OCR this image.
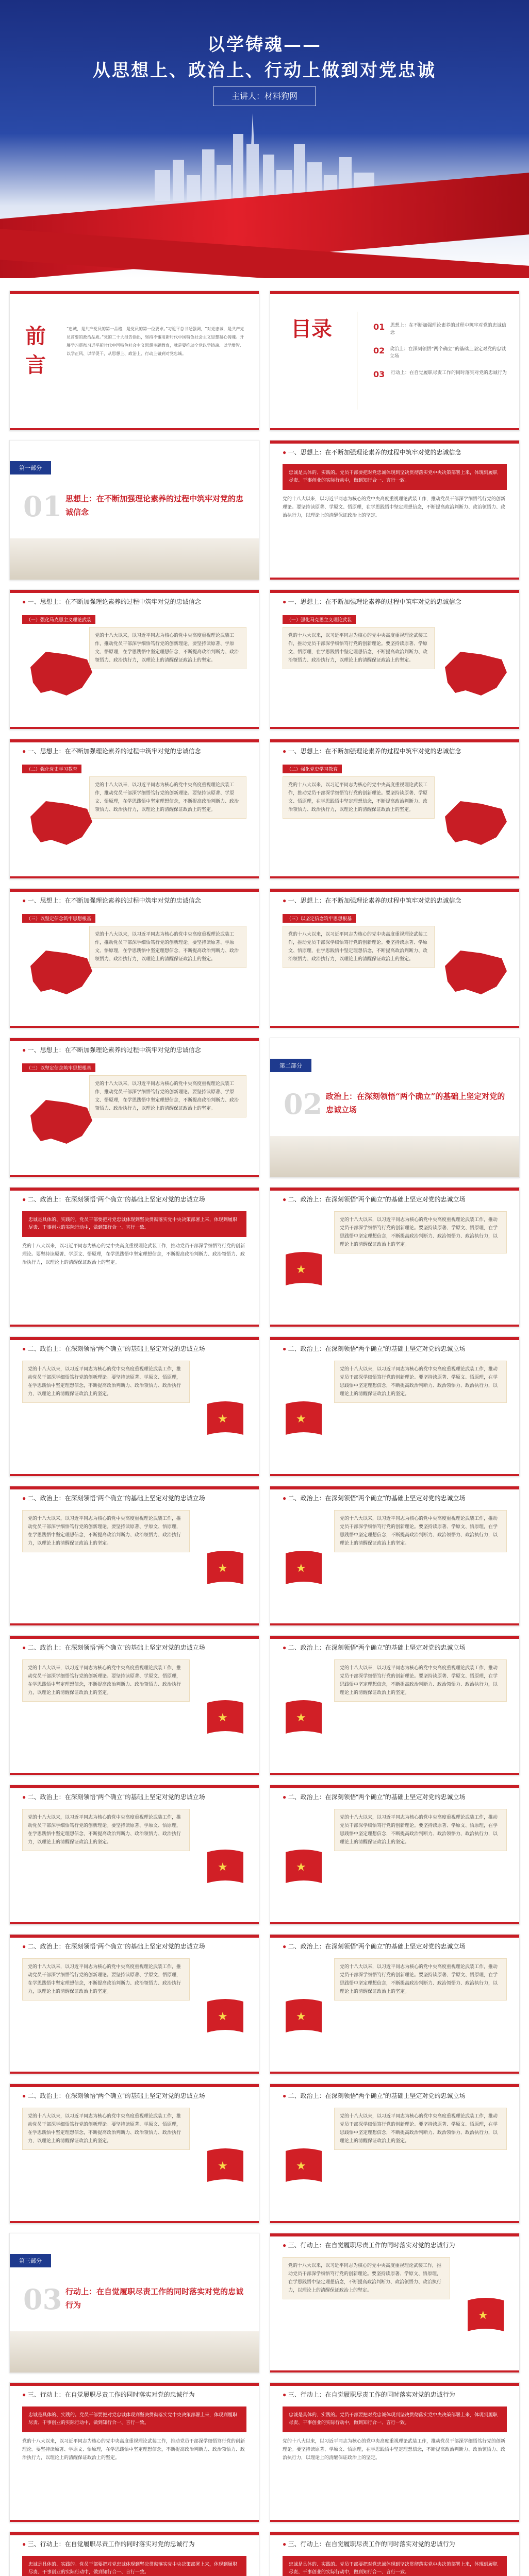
以学铸魂——
从思想上、政治上、行动上做到对党忠诚
主讲人：材料狗网
前言
“忠诚，是共产党员的第一品格，是党员的第一位要求。”习近平总书记强调，“对党忠诚，是共产党员首要的政治品质。”党的二十大报告指出，坚持不懈用新时代中国特色社会主义思想凝心铸魂。开展学习贯彻习近平新时代中国特色社会主义思想主题教育，就是要推动全党以学铸魂、以学增智、以学正风、以学促干，从思想上、政治上、行动上做到对党忠诚。
目录	01	思想上：在不断加强理论素养的过程中筑牢对党的忠诚信念
02	政治上：在深刻领悟“两个确立”的基础上坚定对党的忠诚立场
03	行动上：在自觉履职尽责工作的同时落实对党的忠诚行为
第一部分
01 思想上：在不断加强理论素养的过程中筑牢对党的忠诚信念
● 一、思想上：在不断加强理论素养的过程中筑牢对党的忠诚信念
忠诚是具体的、实践的。党员干部要把对党忠诚体现到坚决贯彻落实党中央决策部署上来，体现到履职尽责、干事创业的实际行动中，做到知行合一、言行一致。
党的十八大以来，以习近平同志为核心的党中央高度重视理论武装工作，推动党员干部深学细悟笃行党的创新理论。要坚持读原著、学原文、悟原理，在学思践悟中坚定理想信念，不断提高政治判断力、政治领悟力、政治执行力，以理论上的清醒保证政治上的坚定。
● 一、思想上：在不断加强理论素养的过程中筑牢对党的忠诚信念
（一）强化马克思主义理论武装
党的十八大以来，以习近平同志为核心的党中央高度重视理论武装工作，推动党员干部深学细悟笃行党的创新理论。要坚持读原著、学原文、悟原理，在学思践悟中坚定理想信念，不断提高政治判断力、政治领悟力、政治执行力，以理论上的清醒保证政治上的坚定。
● 一、思想上：在不断加强理论素养的过程中筑牢对党的忠诚信念
（一）强化马克思主义理论武装
党的十八大以来，以习近平同志为核心的党中央高度重视理论武装工作，推动党员干部深学细悟笃行党的创新理论。要坚持读原著、学原文、悟原理，在学思践悟中坚定理想信念，不断提高政治判断力、政治领悟力、政治执行力，以理论上的清醒保证政治上的坚定。
● 一、思想上：在不断加强理论素养的过程中筑牢对党的忠诚信念
（二）强化党史学习教育
党的十八大以来，以习近平同志为核心的党中央高度重视理论武装工作，推动党员干部深学细悟笃行党的创新理论。要坚持读原著、学原文、悟原理，在学思践悟中坚定理想信念，不断提高政治判断力、政治领悟力、政治执行力，以理论上的清醒保证政治上的坚定。
● 一、思想上：在不断加强理论素养的过程中筑牢对党的忠诚信念
（二）强化党史学习教育
党的十八大以来，以习近平同志为核心的党中央高度重视理论武装工作，推动党员干部深学细悟笃行党的创新理论。要坚持读原著、学原文、悟原理，在学思践悟中坚定理想信念，不断提高政治判断力、政治领悟力、政治执行力，以理论上的清醒保证政治上的坚定。
● 一、思想上：在不断加强理论素养的过程中筑牢对党的忠诚信念
（三）以坚定信念筑牢思想根基
党的十八大以来，以习近平同志为核心的党中央高度重视理论武装工作，推动党员干部深学细悟笃行党的创新理论。要坚持读原著、学原文、悟原理，在学思践悟中坚定理想信念，不断提高政治判断力、政治领悟力、政治执行力，以理论上的清醒保证政治上的坚定。
● 一、思想上：在不断加强理论素养的过程中筑牢对党的忠诚信念
（三）以坚定信念筑牢思想根基
党的十八大以来，以习近平同志为核心的党中央高度重视理论武装工作，推动党员干部深学细悟笃行党的创新理论。要坚持读原著、学原文、悟原理，在学思践悟中坚定理想信念，不断提高政治判断力、政治领悟力、政治执行力，以理论上的清醒保证政治上的坚定。
● 一、思想上：在不断加强理论素养的过程中筑牢对党的忠诚信念
（三）以坚定信念筑牢思想根基
党的十八大以来，以习近平同志为核心的党中央高度重视理论武装工作，推动党员干部深学细悟笃行党的创新理论。要坚持读原著、学原文、悟原理，在学思践悟中坚定理想信念，不断提高政治判断力、政治领悟力、政治执行力，以理论上的清醒保证政治上的坚定。
第二部分
02 政治上：在深刻领悟“两个确立”的基础上坚定对党的忠诚立场
● 二、政治上：在深刻领悟“两个确立”的基础上坚定对党的忠诚立场
忠诚是具体的、实践的。党员干部要把对党忠诚体现到坚决贯彻落实党中央决策部署上来，体现到履职尽责、干事创业的实际行动中，做到知行合一、言行一致。
党的十八大以来，以习近平同志为核心的党中央高度重视理论武装工作，推动党员干部深学细悟笃行党的创新理论。要坚持读原著、学原文、悟原理，在学思践悟中坚定理想信念，不断提高政治判断力、政治领悟力、政治执行力，以理论上的清醒保证政治上的坚定。
● 二、政治上：在深刻领悟“两个确立”的基础上坚定对党的忠诚立场
党的十八大以来，以习近平同志为核心的党中央高度重视理论武装工作，推动党员干部深学细悟笃行党的创新理论。要坚持读原著、学原文、悟原理，在学思践悟中坚定理想信念，不断提高政治判断力、政治领悟力、政治执行力，以理论上的清醒保证政治上的坚定。
★
● 二、政治上：在深刻领悟“两个确立”的基础上坚定对党的忠诚立场
党的十八大以来，以习近平同志为核心的党中央高度重视理论武装工作，推动党员干部深学细悟笃行党的创新理论。要坚持读原著、学原文、悟原理，在学思践悟中坚定理想信念，不断提高政治判断力、政治领悟力、政治执行力，以理论上的清醒保证政治上的坚定。
★
● 二、政治上：在深刻领悟“两个确立”的基础上坚定对党的忠诚立场
党的十八大以来，以习近平同志为核心的党中央高度重视理论武装工作，推动党员干部深学细悟笃行党的创新理论。要坚持读原著、学原文、悟原理，在学思践悟中坚定理想信念，不断提高政治判断力、政治领悟力、政治执行力，以理论上的清醒保证政治上的坚定。
★
● 二、政治上：在深刻领悟“两个确立”的基础上坚定对党的忠诚立场
党的十八大以来，以习近平同志为核心的党中央高度重视理论武装工作，推动党员干部深学细悟笃行党的创新理论。要坚持读原著、学原文、悟原理，在学思践悟中坚定理想信念，不断提高政治判断力、政治领悟力、政治执行力，以理论上的清醒保证政治上的坚定。
★
● 二、政治上：在深刻领悟“两个确立”的基础上坚定对党的忠诚立场
党的十八大以来，以习近平同志为核心的党中央高度重视理论武装工作，推动党员干部深学细悟笃行党的创新理论。要坚持读原著、学原文、悟原理，在学思践悟中坚定理想信念，不断提高政治判断力、政治领悟力、政治执行力，以理论上的清醒保证政治上的坚定。
★
● 二、政治上：在深刻领悟“两个确立”的基础上坚定对党的忠诚立场
党的十八大以来，以习近平同志为核心的党中央高度重视理论武装工作，推动党员干部深学细悟笃行党的创新理论。要坚持读原著、学原文、悟原理，在学思践悟中坚定理想信念，不断提高政治判断力、政治领悟力、政治执行力，以理论上的清醒保证政治上的坚定。
★
● 二、政治上：在深刻领悟“两个确立”的基础上坚定对党的忠诚立场
党的十八大以来，以习近平同志为核心的党中央高度重视理论武装工作，推动党员干部深学细悟笃行党的创新理论。要坚持读原著、学原文、悟原理，在学思践悟中坚定理想信念，不断提高政治判断力、政治领悟力、政治执行力，以理论上的清醒保证政治上的坚定。
★
● 二、政治上：在深刻领悟“两个确立”的基础上坚定对党的忠诚立场
党的十八大以来，以习近平同志为核心的党中央高度重视理论武装工作，推动党员干部深学细悟笃行党的创新理论。要坚持读原著、学原文、悟原理，在学思践悟中坚定理想信念，不断提高政治判断力、政治领悟力、政治执行力，以理论上的清醒保证政治上的坚定。
★
● 二、政治上：在深刻领悟“两个确立”的基础上坚定对党的忠诚立场
党的十八大以来，以习近平同志为核心的党中央高度重视理论武装工作，推动党员干部深学细悟笃行党的创新理论。要坚持读原著、学原文、悟原理，在学思践悟中坚定理想信念，不断提高政治判断力、政治领悟力、政治执行力，以理论上的清醒保证政治上的坚定。
★
● 二、政治上：在深刻领悟“两个确立”的基础上坚定对党的忠诚立场
党的十八大以来，以习近平同志为核心的党中央高度重视理论武装工作，推动党员干部深学细悟笃行党的创新理论。要坚持读原著、学原文、悟原理，在学思践悟中坚定理想信念，不断提高政治判断力、政治领悟力、政治执行力，以理论上的清醒保证政治上的坚定。
★
● 二、政治上：在深刻领悟“两个确立”的基础上坚定对党的忠诚立场
党的十八大以来，以习近平同志为核心的党中央高度重视理论武装工作，推动党员干部深学细悟笃行党的创新理论。要坚持读原著、学原文、悟原理，在学思践悟中坚定理想信念，不断提高政治判断力、政治领悟力、政治执行力，以理论上的清醒保证政治上的坚定。
★
● 二、政治上：在深刻领悟“两个确立”的基础上坚定对党的忠诚立场
党的十八大以来，以习近平同志为核心的党中央高度重视理论武装工作，推动党员干部深学细悟笃行党的创新理论。要坚持读原著、学原文、悟原理，在学思践悟中坚定理想信念，不断提高政治判断力、政治领悟力、政治执行力，以理论上的清醒保证政治上的坚定。
★
● 二、政治上：在深刻领悟“两个确立”的基础上坚定对党的忠诚立场
党的十八大以来，以习近平同志为核心的党中央高度重视理论武装工作，推动党员干部深学细悟笃行党的创新理论。要坚持读原著、学原文、悟原理，在学思践悟中坚定理想信念，不断提高政治判断力、政治领悟力、政治执行力，以理论上的清醒保证政治上的坚定。
★
第三部分
03 行动上：在自觉履职尽责工作的同时落实对党的忠诚行为
● 三、行动上：在自觉履职尽责工作的同时落实对党的忠诚行为
党的十八大以来，以习近平同志为核心的党中央高度重视理论武装工作，推动党员干部深学细悟笃行党的创新理论。要坚持读原著、学原文、悟原理，在学思践悟中坚定理想信念，不断提高政治判断力、政治领悟力、政治执行力，以理论上的清醒保证政治上的坚定。
★
● 三、行动上：在自觉履职尽责工作的同时落实对党的忠诚行为
忠诚是具体的、实践的。党员干部要把对党忠诚体现到坚决贯彻落实党中央决策部署上来，体现到履职尽责、干事创业的实际行动中，做到知行合一、言行一致。
党的十八大以来，以习近平同志为核心的党中央高度重视理论武装工作，推动党员干部深学细悟笃行党的创新理论。要坚持读原著、学原文、悟原理，在学思践悟中坚定理想信念，不断提高政治判断力、政治领悟力、政治执行力，以理论上的清醒保证政治上的坚定。
● 三、行动上：在自觉履职尽责工作的同时落实对党的忠诚行为
忠诚是具体的、实践的。党员干部要把对党忠诚体现到坚决贯彻落实党中央决策部署上来，体现到履职尽责、干事创业的实际行动中，做到知行合一、言行一致。
党的十八大以来，以习近平同志为核心的党中央高度重视理论武装工作，推动党员干部深学细悟笃行党的创新理论。要坚持读原著、学原文、悟原理，在学思践悟中坚定理想信念，不断提高政治判断力、政治领悟力、政治执行力，以理论上的清醒保证政治上的坚定。
● 三、行动上：在自觉履职尽责工作的同时落实对党的忠诚行为
忠诚是具体的、实践的。党员干部要把对党忠诚体现到坚决贯彻落实党中央决策部署上来，体现到履职尽责、干事创业的实际行动中，做到知行合一、言行一致。
● 三、行动上：在自觉履职尽责工作的同时落实对党的忠诚行为
忠诚是具体的、实践的。党员干部要把对党忠诚体现到坚决贯彻落实党中央决策部署上来，体现到履职尽责、干事创业的实际行动中，做到知行合一、言行一致。
